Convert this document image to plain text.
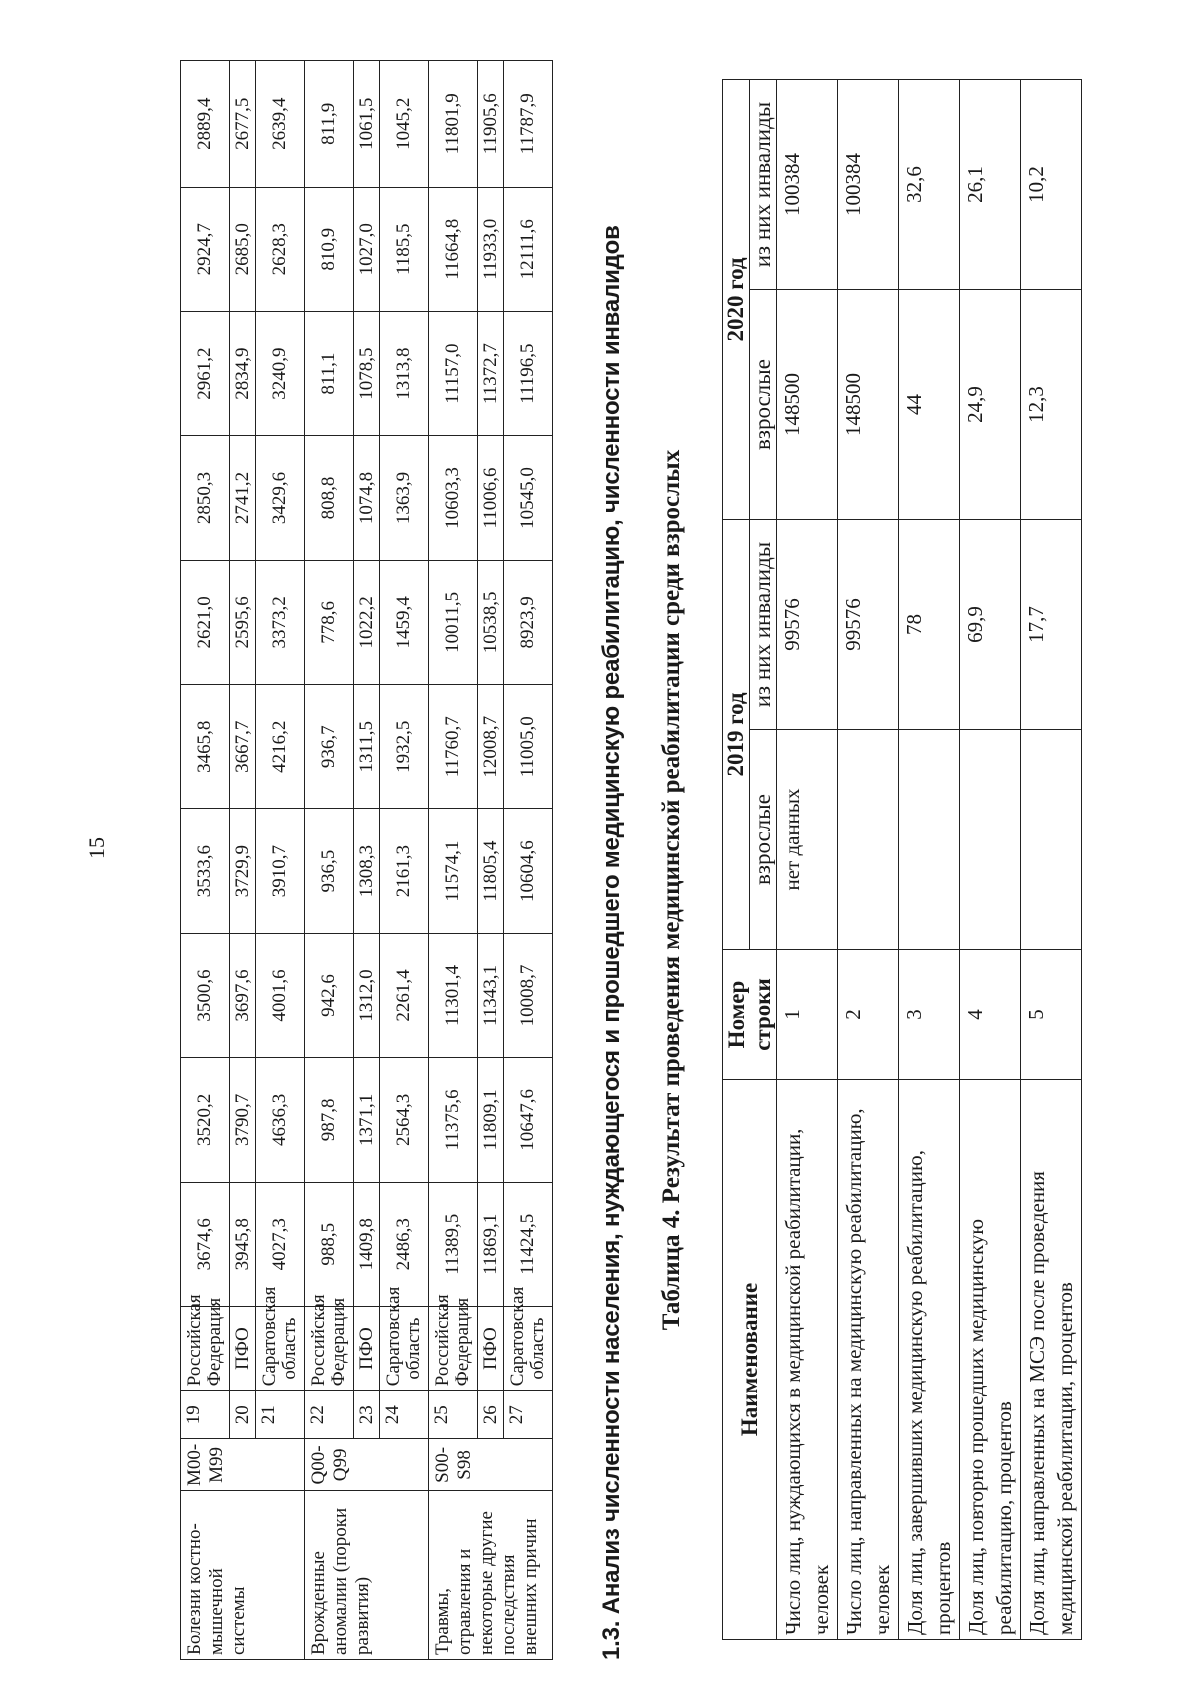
15
Болезни костно-мышечной системы	M00-M99	19	Российская Федерация	3674,6	3520,2	3500,6	3533,6	3465,8	2621,0	2850,3	2961,2	2924,7	2889,4
		20	ПФО	3945,8	3790,7	3697,6	3729,9	3667,7	2595,6	2741,2	2834,9	2685,0	2677,5
		21	Саратовская область	4027,3	4636,3	4001,6	3910,7	4216,2	3373,2	3429,6	3240,9	2628,3	2639,4
Врожденные аномалии (пороки развития)	Q00-Q99	22	Российская Федерация	988,5	987,8	942,6	936,5	936,7	778,6	808,8	811,1	810,9	811,9
		23	ПФО	1409,8	1371,1	1312,0	1308,3	1311,5	1022,2	1074,8	1078,5	1027,0	1061,5
		24	Саратовская область	2486,3	2564,3	2261,4	2161,3	1932,5	1459,4	1363,9	1313,8	1185,5	1045,2
Травмы, отравления и некоторые другие последствия внешних причин	S00-S98	25	Российская Федерация	11389,5	11375,6	11301,4	11574,1	11760,7	10011,5	10603,3	11157,0	11664,8	11801,9
		26	ПФО	11869,1	11809,1	11343,1	11805,4	12008,7	10538,5	11006,6	11372,7	11933,0	11905,6
		27	Саратовская область	11424,5	10647,6	10008,7	10604,6	11005,0	8923,9	10545,0	11196,5	12111,6	11787,9
1.3. Анализ численности населения, нуждающегося и прошедшего медицинскую реабилитацию, численности инвалидов Таблица 4. Результат проведения медицинской реабилитации среди взрослых
Наименование	Номер строки	2019 год		2020 год	
		взрослые	из них инвалиды	взрослые	из них инвалиды
Число лиц, нуждающихся в медицинской реабилитации, человек	1	нет данных	99576	148500	100384
Число лиц, направленных на медицинскую реабилитацию, человек	2		99576	148500	100384
Доля лиц, завершивших медицинскую реабилитацию, процентов	3		78	44	32,6
Доля лиц, повторно прошедших медицинскую реабилитацию, процентов	4		69,9	24,9	26,1
Доля лиц, направленных на МСЭ после проведения медицинской реабилитации, процентов	5		17,7	12,3	10,2
